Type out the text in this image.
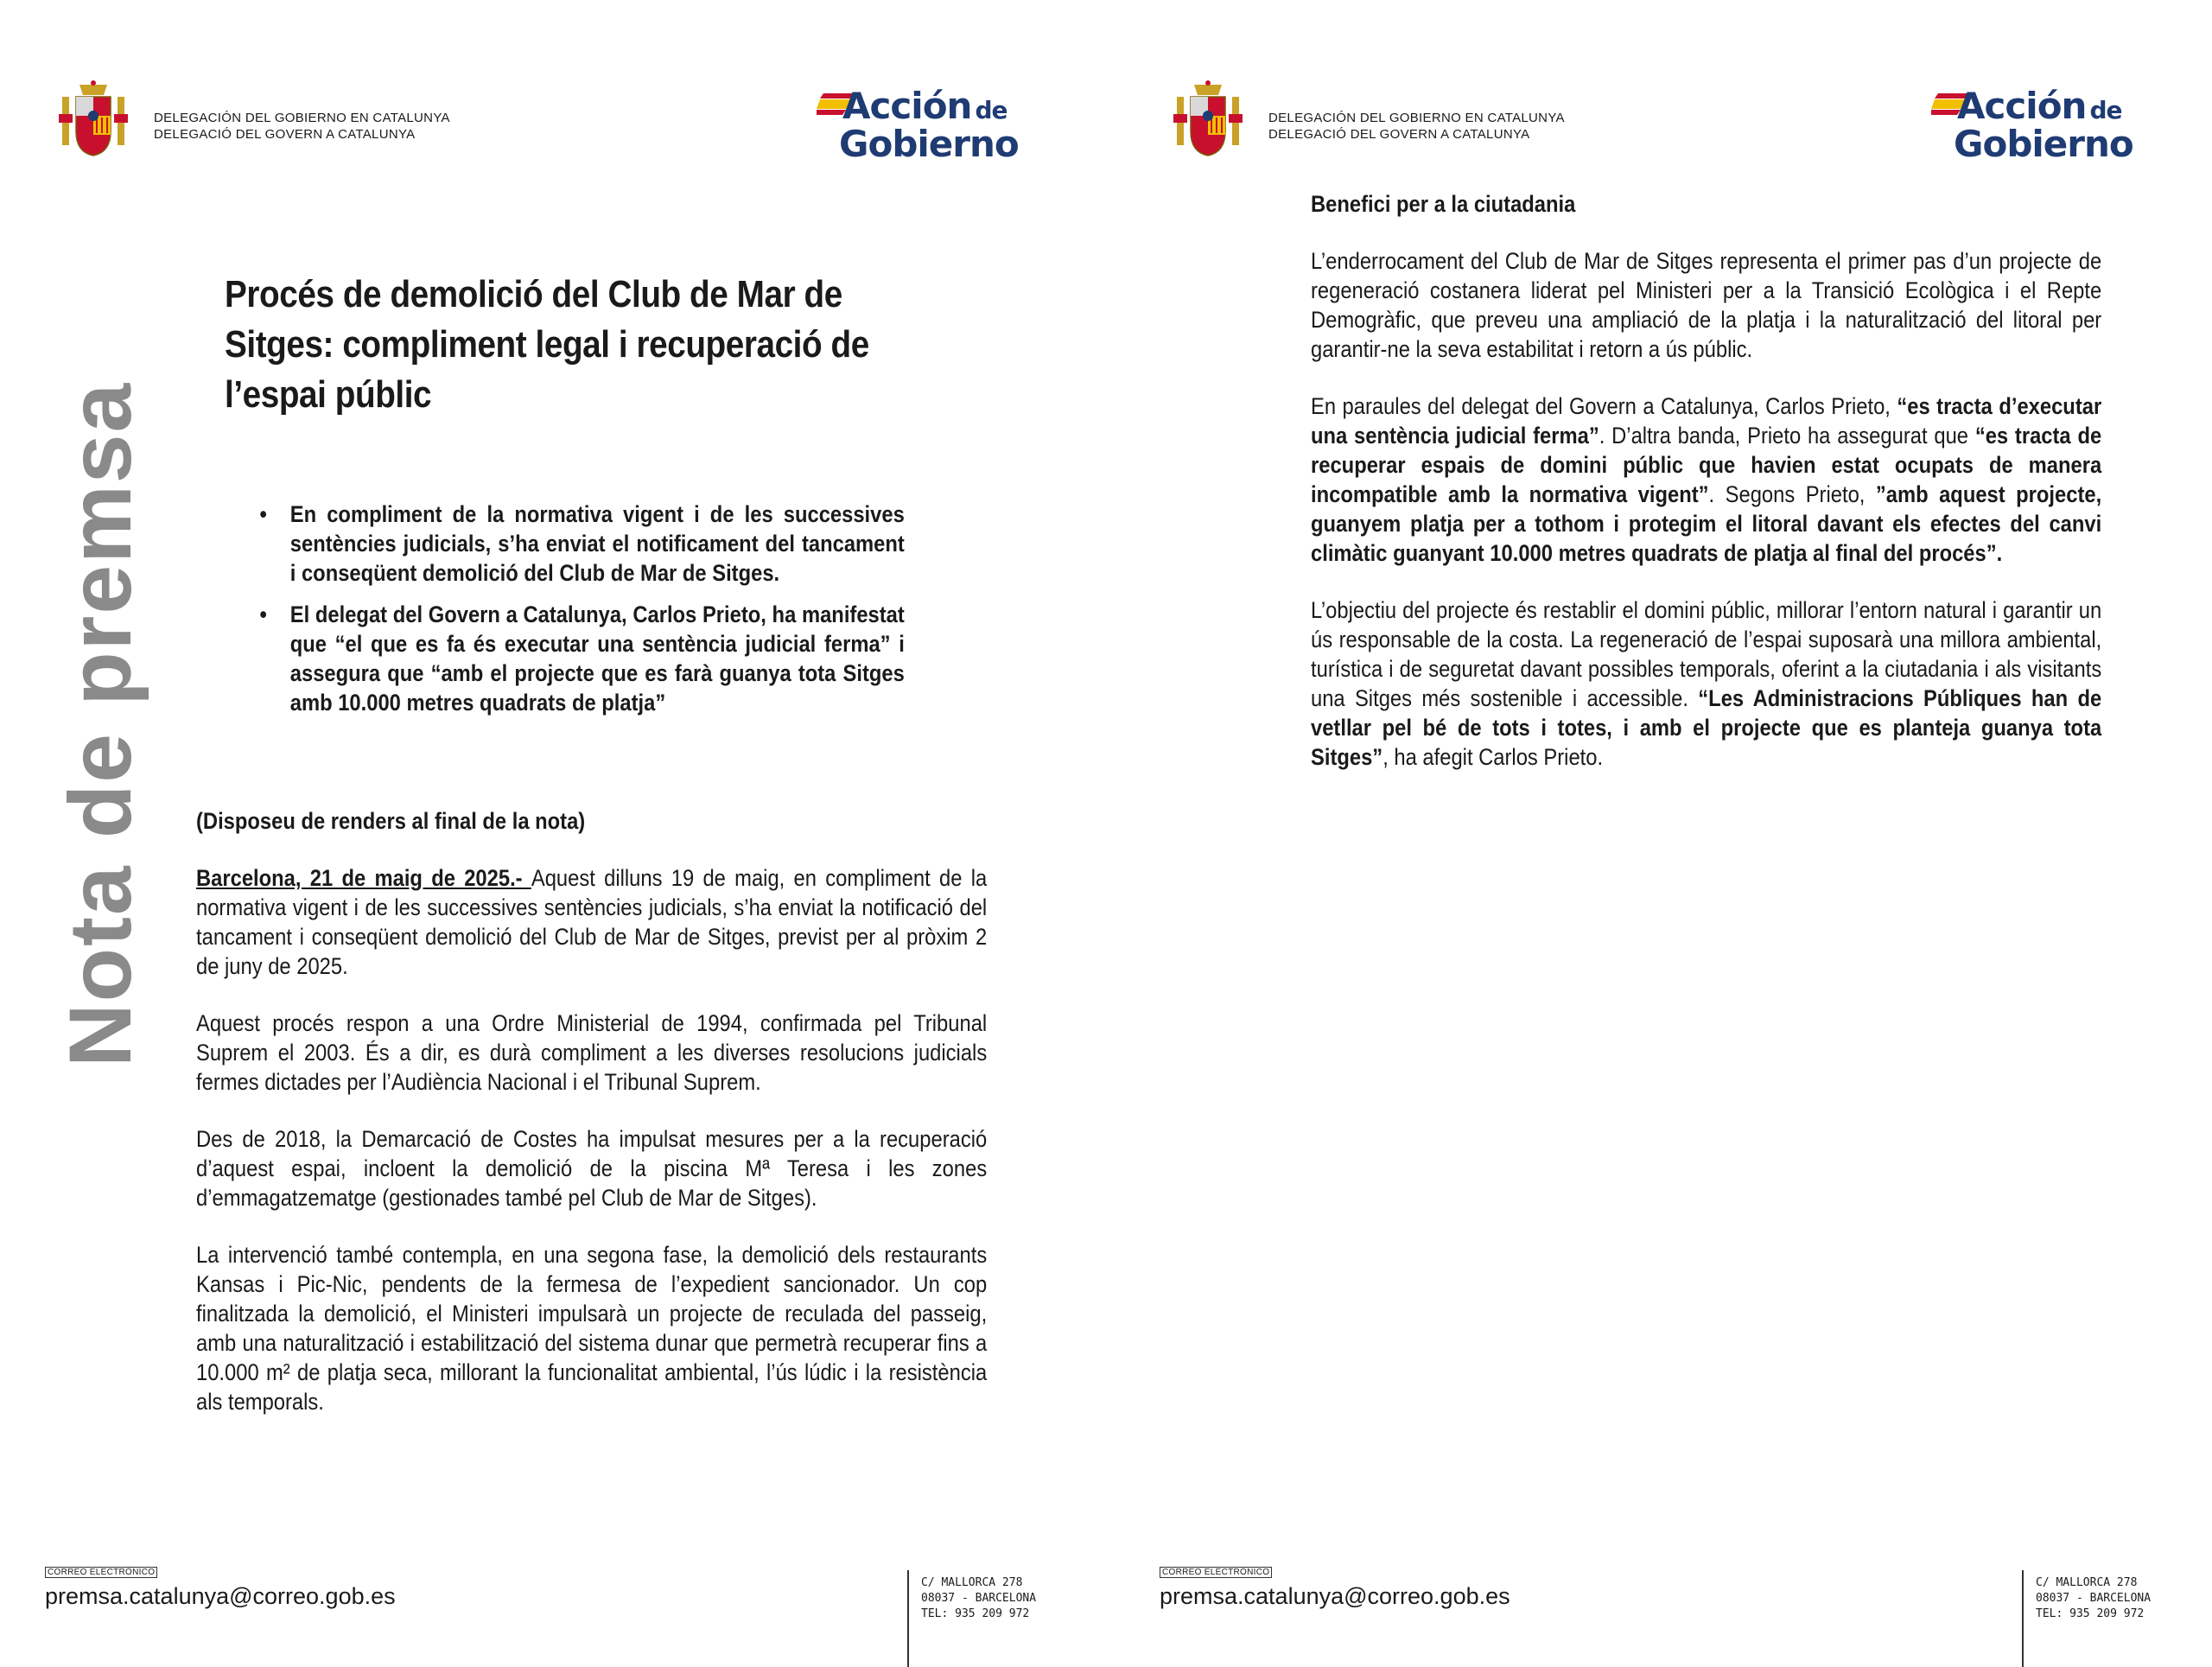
DELEGACIÓN DEL GOBIERNO EN CATALUNYA
DELEGACIÓ DEL GOVERN A CATALUNYA
Acción de
Gobierno
Nota de premsa
Procés de demolició del Club de Mar de Sitges: compliment legal i recuperació de l’espai públic
• En compliment de la normativa vigent i de les successives sentències judicials, s’ha enviat el notificament del tancament i conseqüent demolició del Club de Mar de Sitges.
• El delegat del Govern a Catalunya, Carlos Prieto, ha manifestat que “el que es fa és executar una sentència judicial ferma” i assegura que “amb el projecte que es farà guanya tota Sitges amb 10.000 metres quadrats de platja”

(Disposeu de renders al final de la nota)

Barcelona, 21 de maig de 2025.- Aquest dilluns 19 de maig, en compliment de la normativa vigent i de les successives sentències judicials, s’ha enviat la notificació del tancament i conseqüent demolició del Club de Mar de Sitges, previst per al pròxim 2 de juny de 2025.

Aquest procés respon a una Ordre Ministerial de 1994, confirmada pel Tribunal Suprem el 2003. És a dir, es durà compliment a les diverses resolucions judicials fermes dictades per l’Audiència Nacional i el Tribunal Suprem.

Des de 2018, la Demarcació de Costes ha impulsat mesures per a la recuperació d’aquest espai, incloent la demolició de la piscina Mª Teresa i les zones d’emmagatzematge (gestionades també pel Club de Mar de Sitges).

La intervenció també contempla, en una segona fase, la demolició dels restaurants Kansas i Pic-Nic, pendents de la fermesa de l’expedient sancionador. Un cop finalitzada la demolició, el Ministeri impulsarà un projecte de reculada del passeig, amb una naturalització i estabilització del sistema dunar que permetrà recuperar fins a 10.000 m² de platja seca, millorant la funcionalitat ambiental, l’ús lúdic i la resistència als temporals.

CORREO ELECTRÓNICO
premsa.catalunya@correo.gob.es
C/ MALLORCA 278
08037 - BARCELONA
TEL: 935 209 972
DELEGACIÓN DEL GOBIERNO EN CATALUNYA
DELEGACIÓ DEL GOVERN A CATALUNYA
Acción de
Gobierno

Benefici per a la ciutadania

L’enderrocament del Club de Mar de Sitges representa el primer pas d’un projecte de regeneració costanera liderat pel Ministeri per a la Transició Ecològica i el Repte Demogràfic, que preveu una ampliació de la platja i la naturalització del litoral per garantir-ne la seva estabilitat i retorn a ús públic.

En paraules del delegat del Govern a Catalunya, Carlos Prieto, “es tracta d’executar una sentència judicial ferma”. D’altra banda, Prieto ha assegurat que “es tracta de recuperar espais de domini públic que havien estat ocupats de manera incompatible amb la normativa vigent”. Segons Prieto, ”amb aquest projecte, guanyem platja per a tothom i protegim el litoral davant els efectes del canvi climàtic guanyant 10.000 metres quadrats de platja al final del procés”.

L’objectiu del projecte és restablir el domini públic, millorar l’entorn natural i garantir un ús responsable de la costa. La regeneració de l’espai suposarà una millora ambiental, turística i de seguretat davant possibles temporals, oferint a la ciutadania i als visitants una Sitges més sostenible i accessible. “Les Administracions Públiques han de vetllar pel bé de tots i totes, i amb el projecte que es planteja guanya tota Sitges”, ha afegit Carlos Prieto.

CORREO ELECTRÓNICO
premsa.catalunya@correo.gob.es
C/ MALLORCA 278
08037 - BARCELONA
TEL: 935 209 972
